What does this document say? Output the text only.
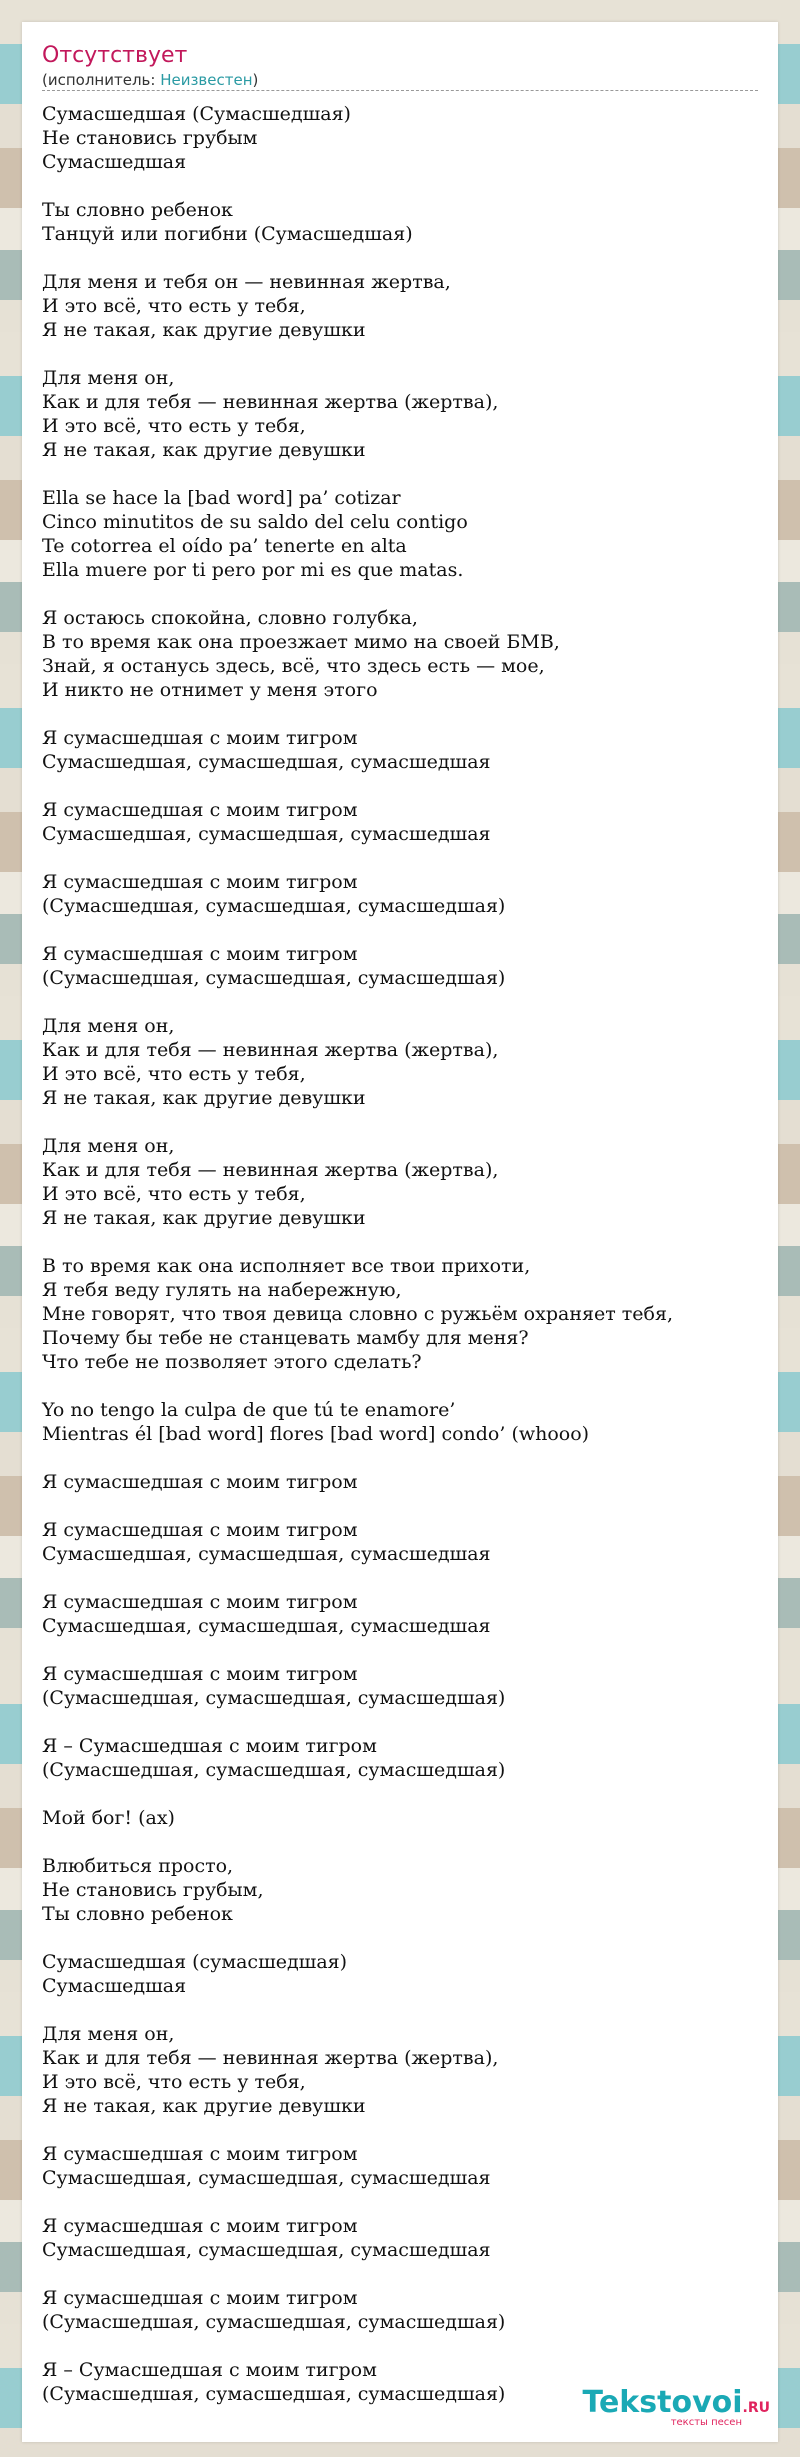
Отсутствует
(исполнитель: Неизвестен)
Сумасшедшая (Сумасшедшая)
Не становись грубым
Сумасшедшая
Ты словно ребенок
Танцуй или погибни (Сумасшедшая)
Для меня и тебя он — невинная жертва,
И это всё, что есть у тебя,
Я не такая, как другие девушки
Для меня он,
Как и для тебя — невинная жертва (жертва),
И это всё, что есть у тебя,
Я не такая, как другие девушки
Ella se hace la [bad word] pa’ cotizar
Cinco minutitos de su saldo del celu contigo
Te cotorrea el oído pa’ tenerte en alta
Ella muere por ti pero por mi es que matas.
Я остаюсь спокойна, словно голубка,
В то время как она проезжает мимо на своей БМВ,
Знай, я останусь здесь, всё, что здесь есть — мое,
И никто не отнимет у меня этого
Я сумасшедшая с моим тигром
Сумасшедшая, сумасшедшая, сумасшедшая
Я сумасшедшая с моим тигром
Сумасшедшая, сумасшедшая, сумасшедшая
Я сумасшедшая с моим тигром
(Сумасшедшая, сумасшедшая, сумасшедшая)
Я сумасшедшая с моим тигром
(Сумасшедшая, сумасшедшая, сумасшедшая)
Для меня он,
Как и для тебя — невинная жертва (жертва),
И это всё, что есть у тебя,
Я не такая, как другие девушки
Для меня он,
Как и для тебя — невинная жертва (жертва),
И это всё, что есть у тебя,
Я не такая, как другие девушки
В то время как она исполняет все твои прихоти,
Я тебя веду гулять на набережную,
Мне говорят, что твоя девица словно с ружьём охраняет тебя,
Почему бы тебе не станцевать мамбу для меня?
Что тебе не позволяет этого сделать?
Yo no tengo la culpa de que tú te enamore’
Mientras él [bad word] flores [bad word] condo’ (whooo)
Я сумасшедшая с моим тигром
Я сумасшедшая с моим тигром
Сумасшедшая, сумасшедшая, сумасшедшая
Я сумасшедшая с моим тигром
Сумасшедшая, сумасшедшая, сумасшедшая
Я сумасшедшая с моим тигром
(Сумасшедшая, сумасшедшая, сумасшедшая)
Я – Сумасшедшая с моим тигром
(Сумасшедшая, сумасшедшая, сумасшедшая)
Мой бог! (ах)
Влюбиться просто,
Не становись грубым,
Ты словно ребенок
Сумасшедшая (сумасшедшая)
Сумасшедшая
Для меня он,
Как и для тебя — невинная жертва (жертва),
И это всё, что есть у тебя,
Я не такая, как другие девушки
Я сумасшедшая с моим тигром
Сумасшедшая, сумасшедшая, сумасшедшая
Я сумасшедшая с моим тигром
Сумасшедшая, сумасшедшая, сумасшедшая
Я сумасшедшая с моим тигром
(Сумасшедшая, сумасшедшая, сумасшедшая)
Я – Сумасшедшая с моим тигром
(Сумасшедшая, сумасшедшая, сумасшедшая)	Tekstovoi.RU
тексты песен
